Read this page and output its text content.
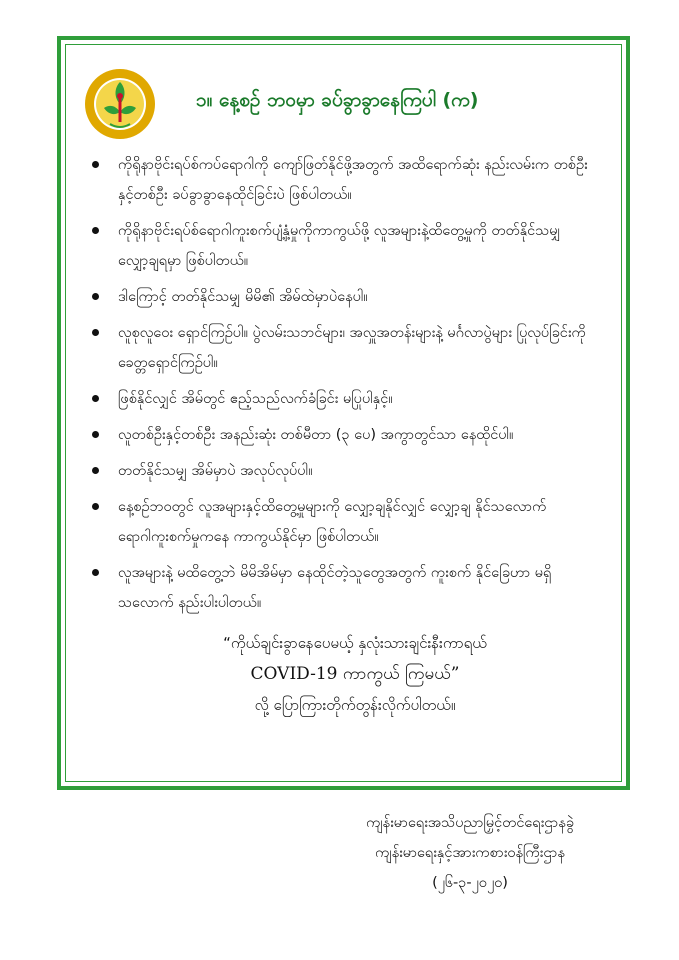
၁။ နေ့စဉ် ဘဝမှာ ခပ်ခွာခွာနေကြပါ (က)
ကိုရိုနာဗိုင်းရပ်စ်ကပ်ရောဂါကို ကျော်ဖြတ်နိုင်ဖို့အတွက် အထိရောက်ဆုံး နည်းလမ်းက တစ်ဦးနှင့်တစ်ဦး ခပ်ခွာခွာနေထိုင်ခြင်းပဲ ဖြစ်ပါတယ်။
ကိုရိုနာဗိုင်းရပ်စ်ရောဂါကူးစက်ပျံ့နှံ့မှုကိုကာကွယ်ဖို့ လူအများနဲ့ထိတွေ့မှုကို တတ်နိုင်သမျှ လျှော့ချရမှာ ဖြစ်ပါတယ်။
ဒါကြောင့် တတ်နိုင်သမျှ မိမိ၏ အိမ်ထဲမှာပဲနေပါ။
လူစုလူဝေး ရှောင်ကြဉ်ပါ။ ပွဲလမ်းသဘင်များ၊ အလှူအတန်းများနဲ့ မင်္ဂလာပွဲများ ပြုလုပ်ခြင်းကို ခေတ္တရှောင်ကြဉ်ပါ။
ဖြစ်နိုင်လျှင် အိမ်တွင် ဧည့်သည်လက်ခံခြင်း မပြုပါနှင့်။
လူတစ်ဦးနှင့်တစ်ဦး အနည်းဆုံး တစ်မီတာ (၃ ပေ) အကွာတွင်သာ နေထိုင်ပါ။
တတ်နိုင်သမျှ အိမ်မှာပဲ အလုပ်လုပ်ပါ။
နေ့စဉ်ဘဝတွင် လူအများနှင့်ထိတွေ့မှုများကို လျှော့ချနိုင်လျှင် လျှော့ချ နိုင်သလောက် ရောဂါကူးစက်မှုကနေ ကာကွယ်နိုင်မှာ ဖြစ်ပါတယ်။
လူအများနဲ့ မထိတွေ့ဘဲ မိမိအိမ်မှာ နေထိုင်တဲ့သူတွေအတွက် ကူးစက် နိုင်ခြေဟာ မရှိသလောက် နည်းပါးပါတယ်။
“ကိုယ်ချင်းခွာနေပေမယ့် နှလုံးသားချင်းနီးကာရယ်
COVID-19 ကာကွယ် ကြမယ်”
လို့ ပြောကြားတိုက်တွန်းလိုက်ပါတယ်။
ကျန်းမာရေးအသိပညာမြှင့်တင်ရေးဌာနခွဲ
ကျန်းမာရေးနှင့်အားကစားဝန်ကြီးဌာန
(၂၆-၃-၂၀၂၀)
